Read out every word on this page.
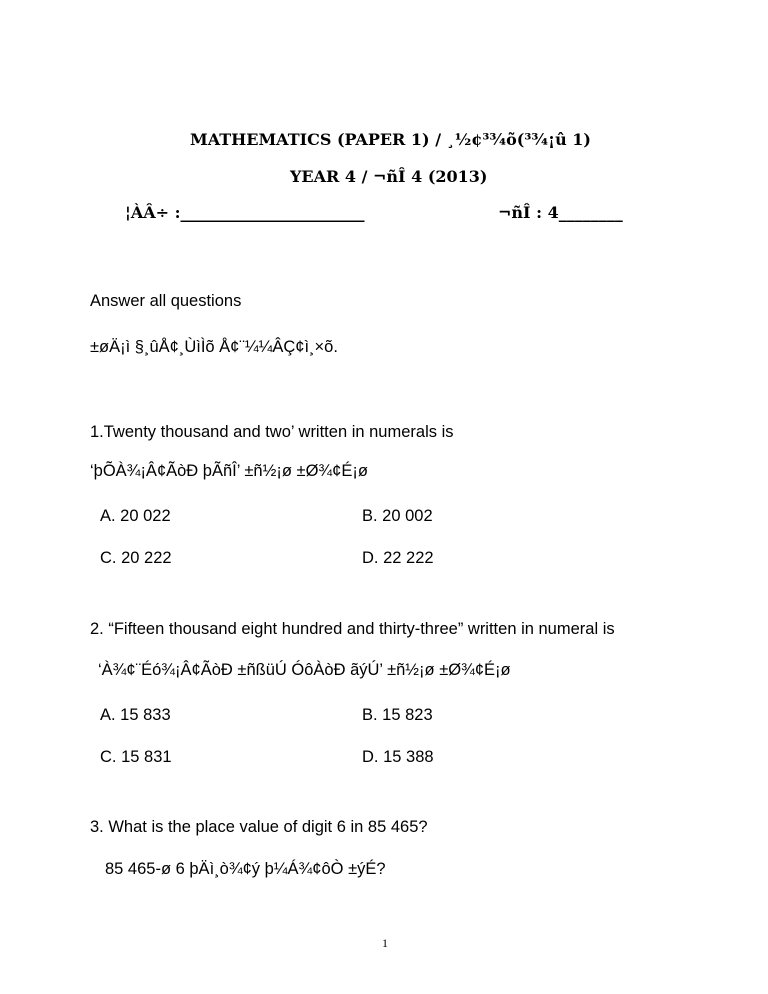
MATHEMATICS (PAPER 1) / ¸½¢³¾õ(³¾¡û 1)
YEAR 4 / ¬ñÎ 4 (2013)
¦ÀÂ÷ :_______________________	¬ñÎ : 4________
Answer all questions
±øÄ¡ì §¸ûÅ¢¸ÙìÌõ Å¢¨¼¼ÂÇ¢ì¸×õ.
1.Twenty thousand and two’ written in numerals is
‘þÕÀ¾¡Â¢ÃòÐ þÃñÎ’ ±ñ½¡ø ±Ø¾¢É¡ø
A. 20 022	B. 20 002
C. 20 222	D. 22 222
2. “Fifteen thousand eight hundred and thirty-three” written in numeral is
‘À¾¢¨Éó¾¡Â¢ÃòÐ ±ñßüÚ ÓôÀòÐ ãýÚ’ ±ñ½¡ø ±Ø¾¢É¡ø
A. 15 833	B. 15 823
C. 15 831	D. 15 388
3. What is the place value of digit 6 in 85 465?
85 465-ø 6 þÄì¸ò¾¢ý þ¼Á¾¢ôÒ ±ýÉ?
1
